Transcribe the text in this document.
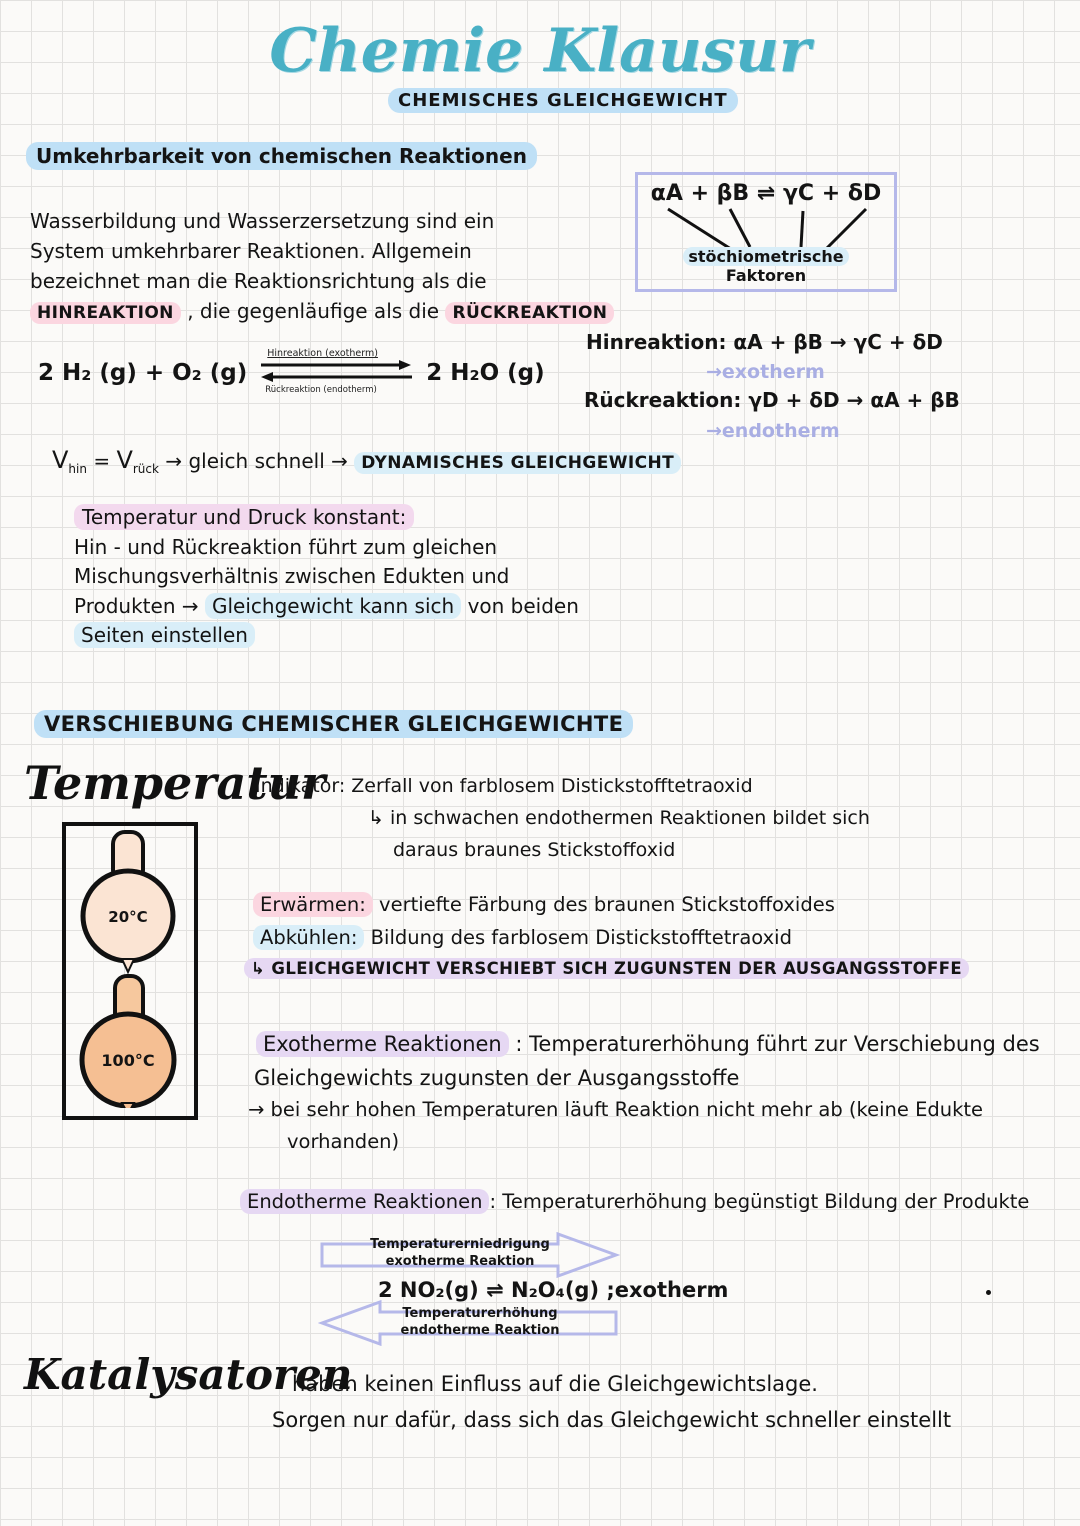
Chemie Klausur
CHEMISCHES GLEICHGEWICHT
Umkehrbarkeit von chemischen Reaktionen
Wasserbildung und Wasserzersetzung sind ein
System umkehrbarer Reaktionen. Allgemein
bezeichnet man die Reaktionsrichtung als die
HINREAKTION , die gegenläufige als die RÜCKREAKTION
2 H₂ (g) + O₂ (g)
Hinreaktion (exotherm)
Rückreaktion (endotherm)
2 H₂O (g)
αA + βB ⇌ γC + δD
stöchiometrische
Faktoren
Hinreaktion: αA + βB → γC + δD
→exotherm
Rückreaktion: γD + δD → αA + βB
→endotherm
$V_{hin} = V_{rück}$ → gleich schnell → DYNAMISCHES GLEICHGEWICHT
Temperatur und Druck konstant:
Hin - und Rückreaktion führt zum gleichen
Mischungsverhältnis zwischen Edukten und
Produkten → Gleichgewicht kann sich von beiden
Seiten einstellen
VERSCHIEBUNG CHEMISCHER GLEICHGEWICHTE
Temperatur
Indikator: Zerfall von farblosem Distickstofftetraoxid
↳ in schwachen endothermen Reaktionen bildet sich
daraus braunes Stickstoffoxid
20°C
100°C
Erwärmen: vertiefte Färbung des braunen Stickstoffoxides
Abkühlen: Bildung des farblosem Distickstofftetraoxid
↳ GLEICHGEWICHT VERSCHIEBT SICH ZUGUNSTEN DER AUSGANGSSTOFFE
Exotherme Reaktionen : Temperaturerhöhung führt zur Verschiebung des
Gleichgewichts zugunsten der Ausgangsstoffe
→ bei sehr hohen Temperaturen läuft Reaktion nicht mehr ab (keine Edukte
vorhanden)
Endotherme Reaktionen : Temperaturerhöhung begünstigt Bildung der Produkte
Temperaturerniedrigung
exotherme Reaktion
2 NO₂(g) ⇌ N₂O₄(g) ;exotherm
Temperaturerhöhung
endotherme Reaktion
Katalysatoren
haben keinen Einfluss auf die Gleichgewichtslage.
Sorgen nur dafür, dass sich das Gleichgewicht schneller einstellt
